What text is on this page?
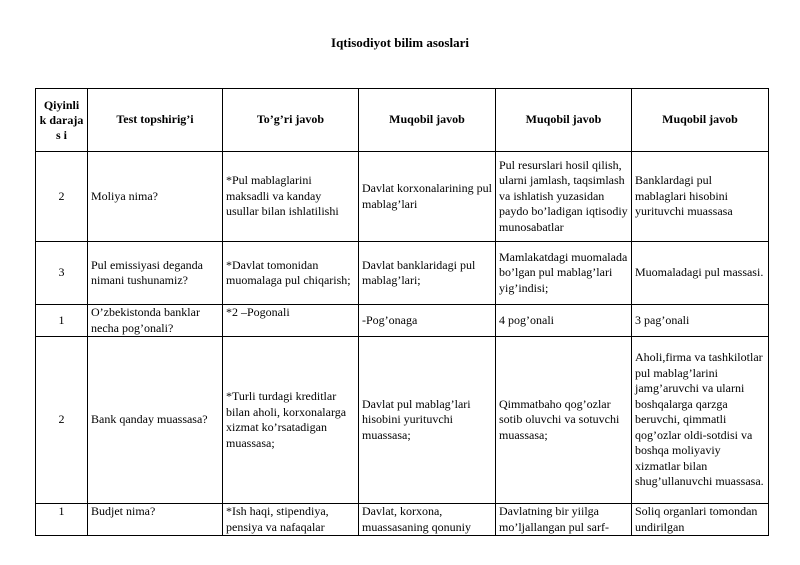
Iqtisodiyot bilim asoslari
Qiyinli k darajas i	Test topshirig’i	To’g’ri javob	Muqobil javob	Muqobil javob	Muqobil javob
2	Moliya nima?	*Pul mablaglarini maksadli va kanday usullar bilan ishlatilishi	Davlat korxonalarining pul mablag’lari	Pul resurslari hosil qilish, ularni jamlash, taqsimlash va ishlatish yuzasidan paydo bo’ladigan iqtisodiy munosabatlar	Banklardagi pul mablaglari hisobini yurituvchi muassasa
3	Pul emissiyasi deganda nimani tushunamiz?	*Davlat tomonidan muomalaga pul chiqarish;	Davlat banklaridagi pul mablag’lari;	Mamlakatdagi muomalada bo’lgan pul mablag’lari yig’indisi;	Muomaladagi pul massasi.
1	O’zbekistonda banklar necha pog’onali?	*2 –Pogonali	-Pog’onaga	4 pog’onali	3 pag’onali
2	Bank qanday muassasa?	*Turli turdagi kreditlar bilan aholi, korxonalarga xizmat ko’rsatadigan muassasa;	Davlat pul mablag’lari hisobini yurituvchi muassasa;	Qimmatbaho qog’ozlar sotib oluvchi va sotuvchi muassasa;	Aholi,firma va tashkilotlar pul mablag’larini jamg’aruvchi va ularni boshqalarga qarzga beruvchi, qimmatli qog’ozlar oldi-sotdisi va boshqa moliyaviy xizmatlar bilan shug’ullanuvchi muassasa.
1	Budjet nima?	*Ish haqi, stipendiya, pensiya va nafaqalar	Davlat, korxona, muassasaning qonuniy	Davlatning bir yiilga mo’ljallangan pul sarf-	Soliq organlari tomondan undirilgan
